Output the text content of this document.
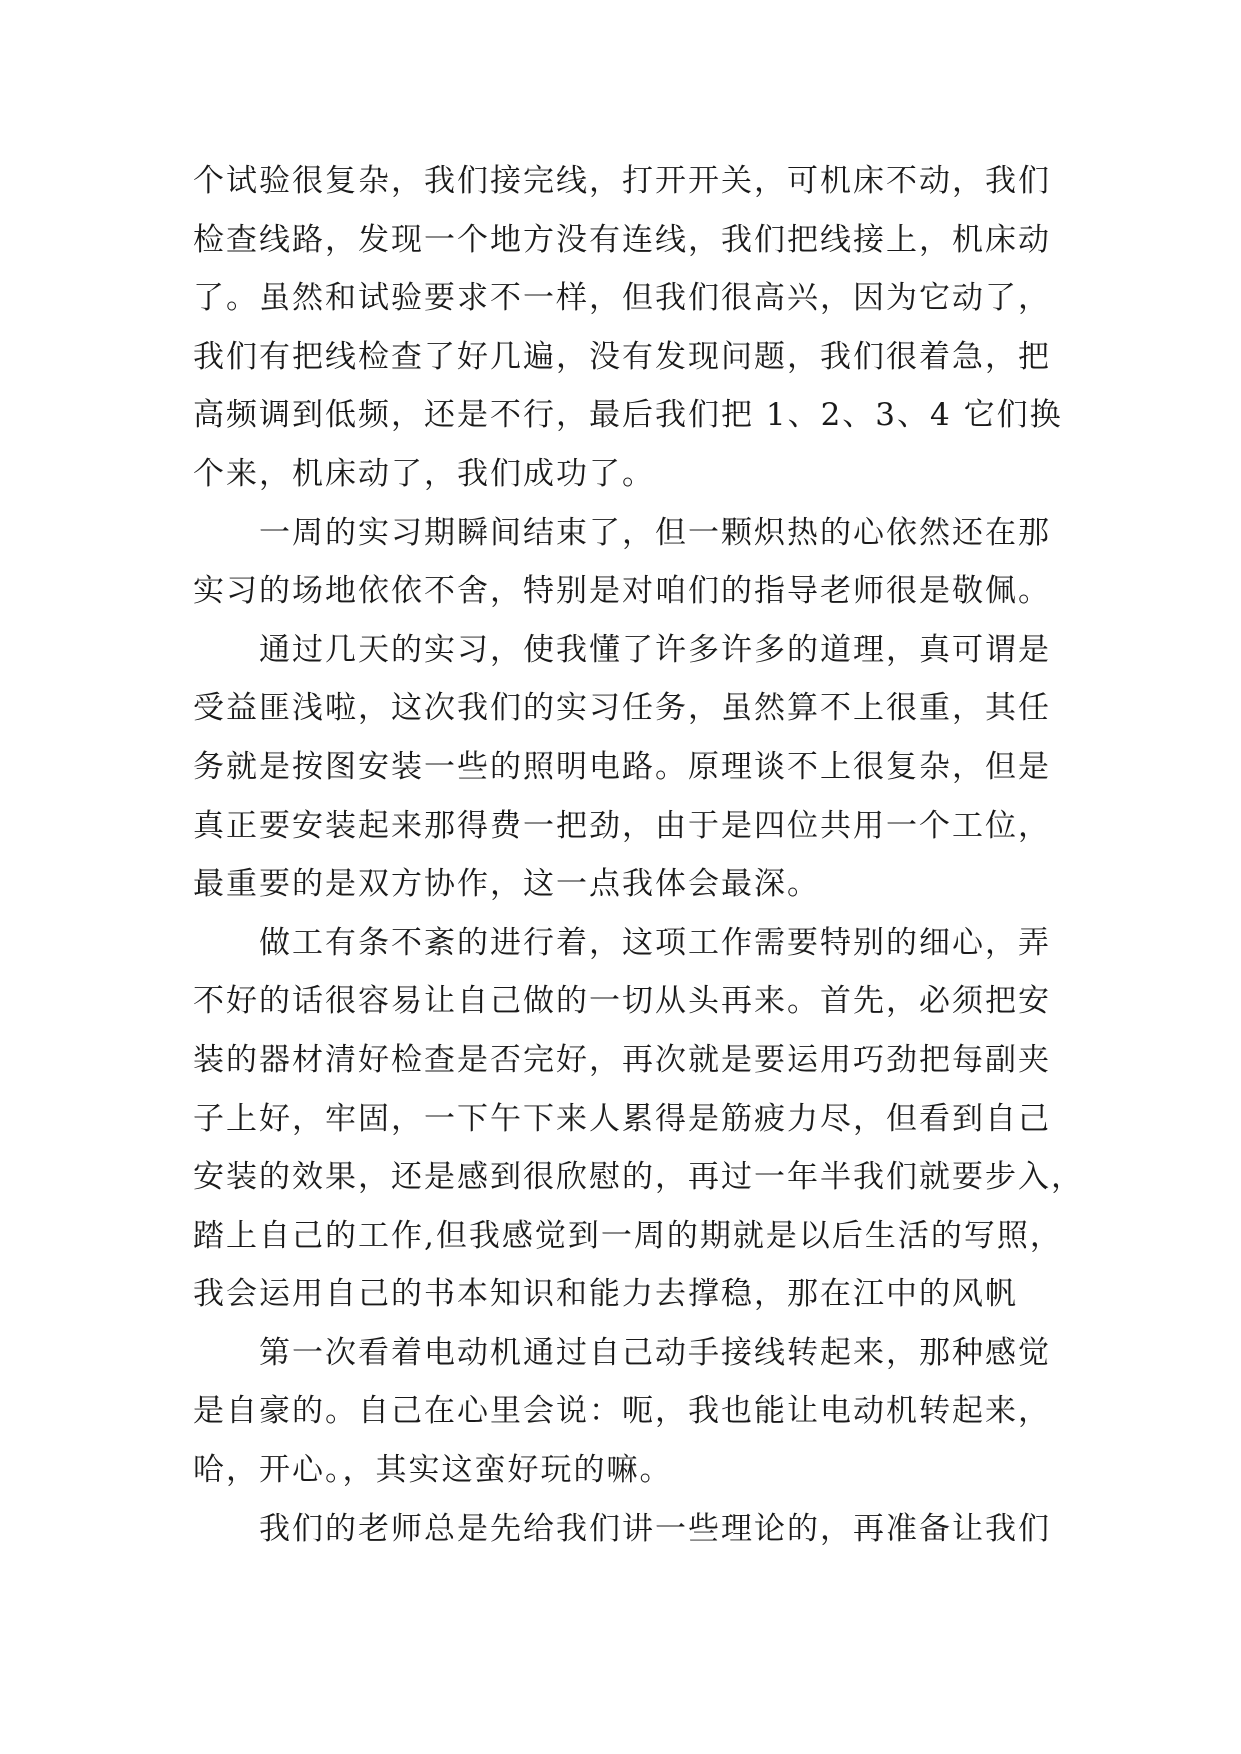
个试验很复杂，我们接完线，打开开关，可机床不动，我们
检查线路，发现一个地方没有连线，我们把线接上，机床动
了。虽然和试验要求不一样，但我们很高兴，因为它动了，
我们有把线检查了好几遍，没有发现问题，我们很着急，把
高频调到低频，还是不行，最后我们把 1、2、3、4 它们换
个来，机床动了，我们成功了。
一周的实习期瞬间结束了，但一颗炽热的心依然还在那
实习的场地依依不舍，特别是对咱们的指导老师很是敬佩。
通过几天的实习，使我懂了许多许多的道理，真可谓是
受益匪浅啦，这次我们的实习任务，虽然算不上很重，其任
务就是按图安装一些的照明电路。原理谈不上很复杂，但是
真正要安装起来那得费一把劲，由于是四位共用一个工位，
最重要的是双方协作，这一点我体会最深。
做工有条不紊的进行着，这项工作需要特别的细心，弄
不好的话很容易让自己做的一切从头再来。首先，必须把安
装的器材清好检查是否完好，再次就是要运用巧劲把每副夹
子上好，牢固，一下午下来人累得是筋疲力尽，但看到自己
安装的效果，还是感到很欣慰的，再过一年半我们就要步入，
踏上自己的工作,但我感觉到一周的期就是以后生活的写照，
我会运用自己的书本知识和能力去撑稳，那在江中的风帆
第一次看着电动机通过自己动手接线转起来，那种感觉
是自豪的。自己在心里会说：呃，我也能让电动机转起来，
哈，开心。，其实这蛮好玩的嘛。
我们的老师总是先给我们讲一些理论的，再准备让我们
